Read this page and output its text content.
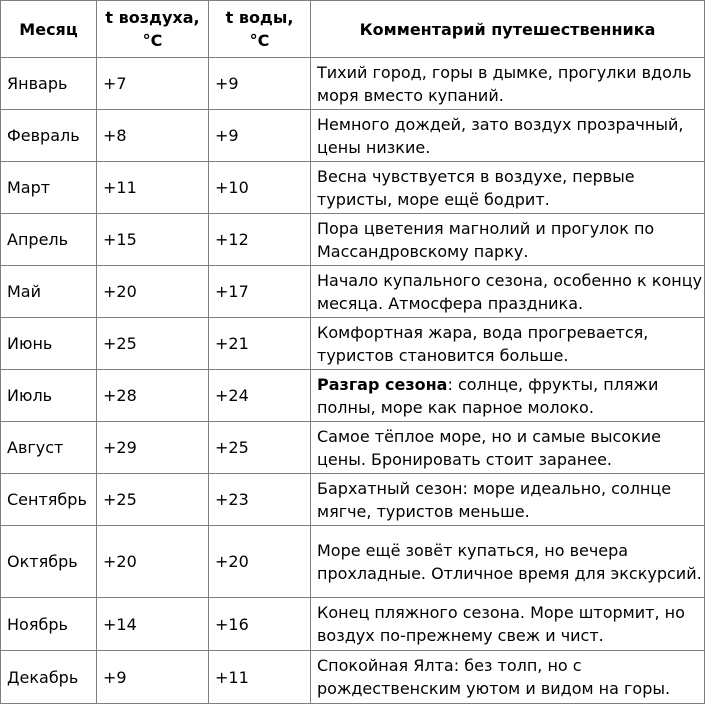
Месяц	t воздуха, °C	t воды, °C	Комментарий путешественника
Январь	+7	+9	Тихий город, горы в дымке, прогулки вдоль моря вместо купаний.
Февраль	+8	+9	Немного дождей, зато воздух прозрачный, цены низкие.
Март	+11	+10	Весна чувствуется в воздухе, первые туристы, море ещё бодрит.
Апрель	+15	+12	Пора цветения магнолий и прогулок по Массандровскому парку.
Май	+20	+17	Начало купального сезона, особенно к концу месяца. Атмосфера праздника.
Июнь	+25	+21	Комфортная жара, вода прогревается, туристов становится больше.
Июль	+28	+24	Разгар сезона: солнце, фрукты, пляжи полны, море как парное молоко.
Август	+29	+25	Самое тёплое море, но и самые высокие цены. Бронировать стоит заранее.
Сентябрь	+25	+23	Бархатный сезон: море идеально, солнце мягче, туристов меньше.
Октябрь	+20	+20	Море ещё зовёт купаться, но вечера прохладные. Отличное время для экскурсий.
Ноябрь	+14	+16	Конец пляжного сезона. Море штормит, но воздух по-прежнему свеж и чист.
Декабрь	+9	+11	Спокойная Ялта: без толп, но с рождественским уютом и видом на горы.
